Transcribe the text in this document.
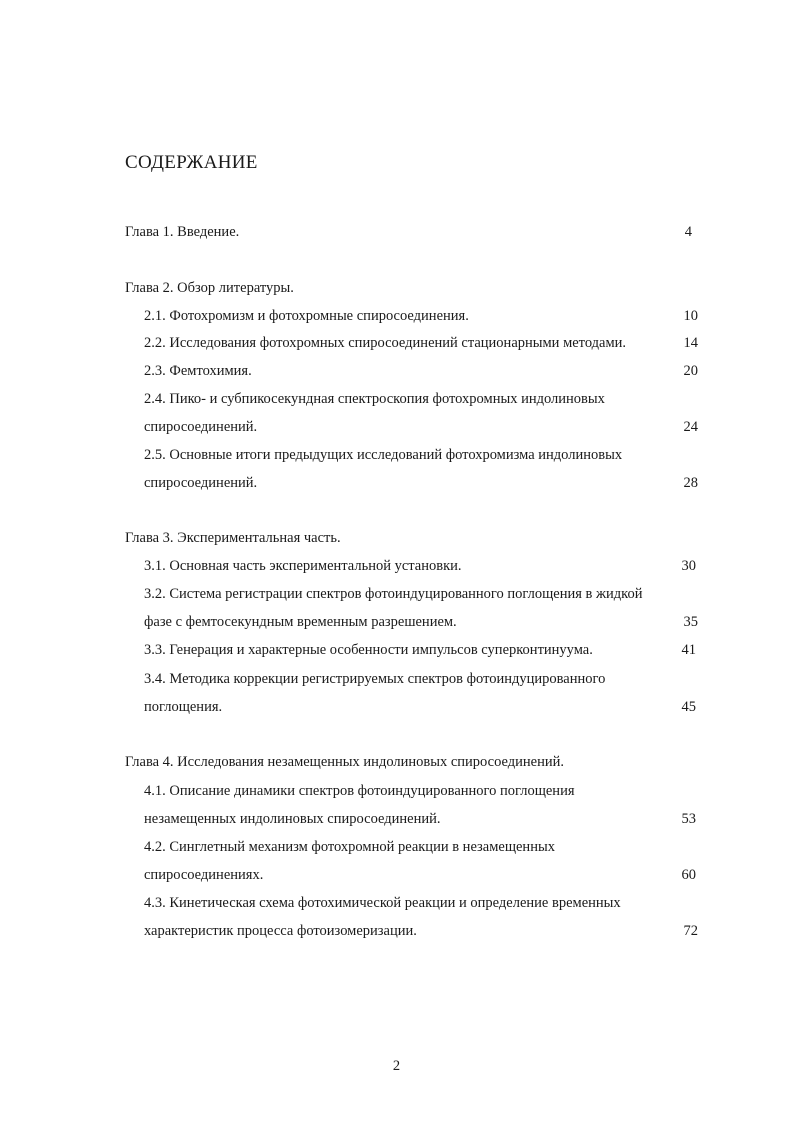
СОДЕРЖАНИЕ
Глава 1. Введение.	4
Глава 2. Обзор литературы.
2.1. Фотохромизм и фотохромные спиросоединения.	10
2.2. Исследования фотохромных спиросоединений стационарными методами.	14
2.3. Фемтохимия.	20
2.4. Пико- и субпикосекундная спектроскопия фотохромных индолиновых
спиросоединений.	24
2.5. Основные итоги предыдущих исследований фотохромизма индолиновых
спиросоединений.	28
Глава 3. Экспериментальная часть.
3.1. Основная часть экспериментальной установки.	30
3.2. Система регистрации спектров фотоиндуцированного поглощения в жидкой
фазе с фемтосекундным временным разрешением.	35
3.3. Генерация и характерные особенности импульсов суперконтинуума.	41
3.4. Методика коррекции регистрируемых спектров фотоиндуцированного
поглощения.	45
Глава 4. Исследования незамещенных индолиновых спиросоединений.
4.1. Описание динамики спектров фотоиндуцированного поглощения
незамещенных индолиновых спиросоединений.	53
4.2. Синглетный механизм фотохромной реакции в незамещенных
спиросоединениях.	60
4.3. Кинетическая схема фотохимической реакции и определение временных
характеристик процесса фотоизомеризации.	72
2
